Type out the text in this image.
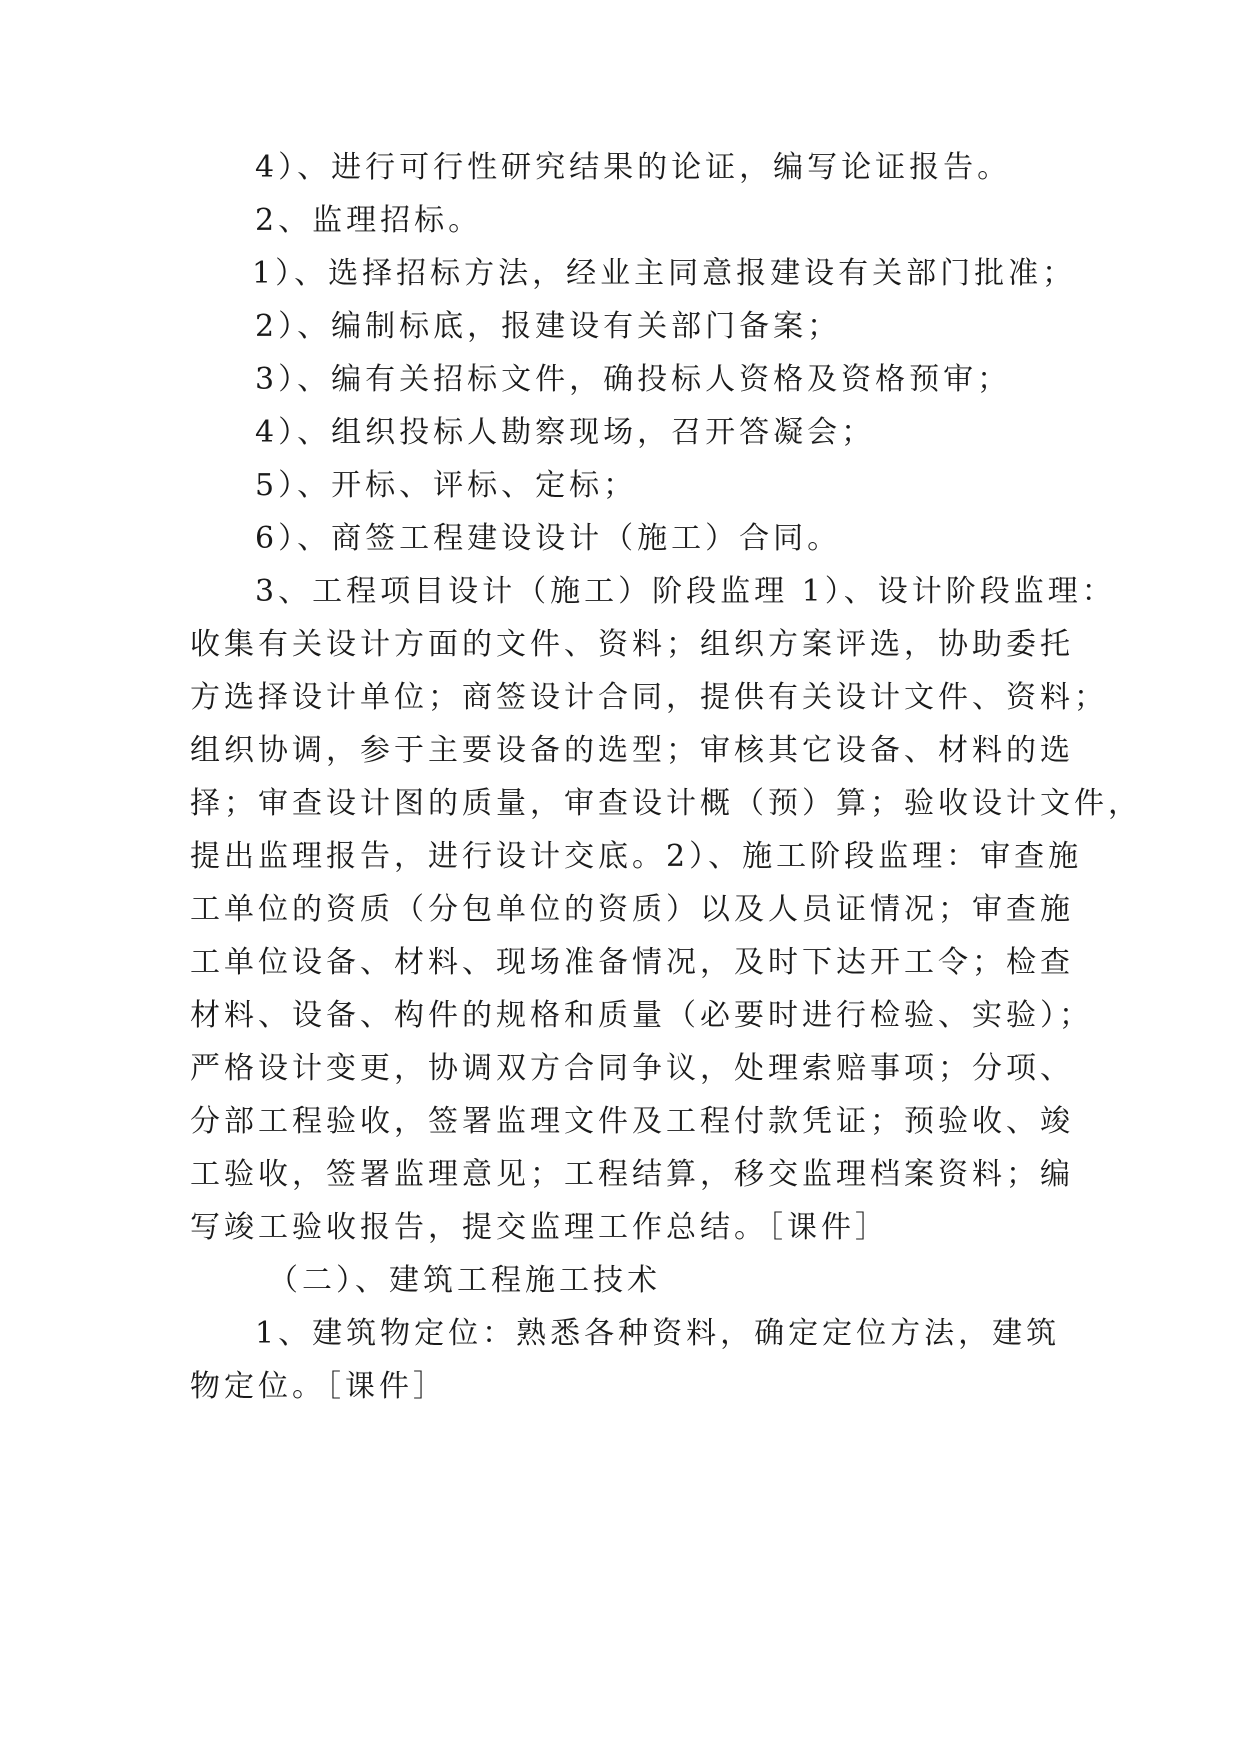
4）、进行可行性研究结果的论证，编写论证报告。
2、监理招标。
1）、选择招标方法，经业主同意报建设有关部门批准；
2）、编制标底，报建设有关部门备案；
3）、编有关招标文件，确投标人资格及资格预审；
4）、组织投标人勘察现场，召开答凝会；
5）、开标、评标、定标；
6）、商签工程建设设计（施工）合同。
3、工程项目设计（施工）阶段监理 1）、设计阶段监理：
收集有关设计方面的文件、资料；组织方案评选，协助委托
方选择设计单位；商签设计合同，提供有关设计文件、资料；
组织协调，参于主要设备的选型；审核其它设备、材料的选
择；审查设计图的质量，审查设计概（预）算；验收设计文件，
提出监理报告，进行设计交底。2）、施工阶段监理：审查施
工单位的资质（分包单位的资质）以及人员证情况；审查施
工单位设备、材料、现场准备情况，及时下达开工令；检查
材料、设备、构件的规格和质量（必要时进行检验、实验）；
严格设计变更，协调双方合同争议，处理索赔事项；分项、
分部工程验收，签署监理文件及工程付款凭证；预验收、竣
工验收，签署监理意见；工程结算，移交监理档案资料；编
写竣工验收报告，提交监理工作总结。［课件］
（二）、建筑工程施工技术
1、建筑物定位：熟悉各种资料，确定定位方法，建筑
物定位。［课件］
